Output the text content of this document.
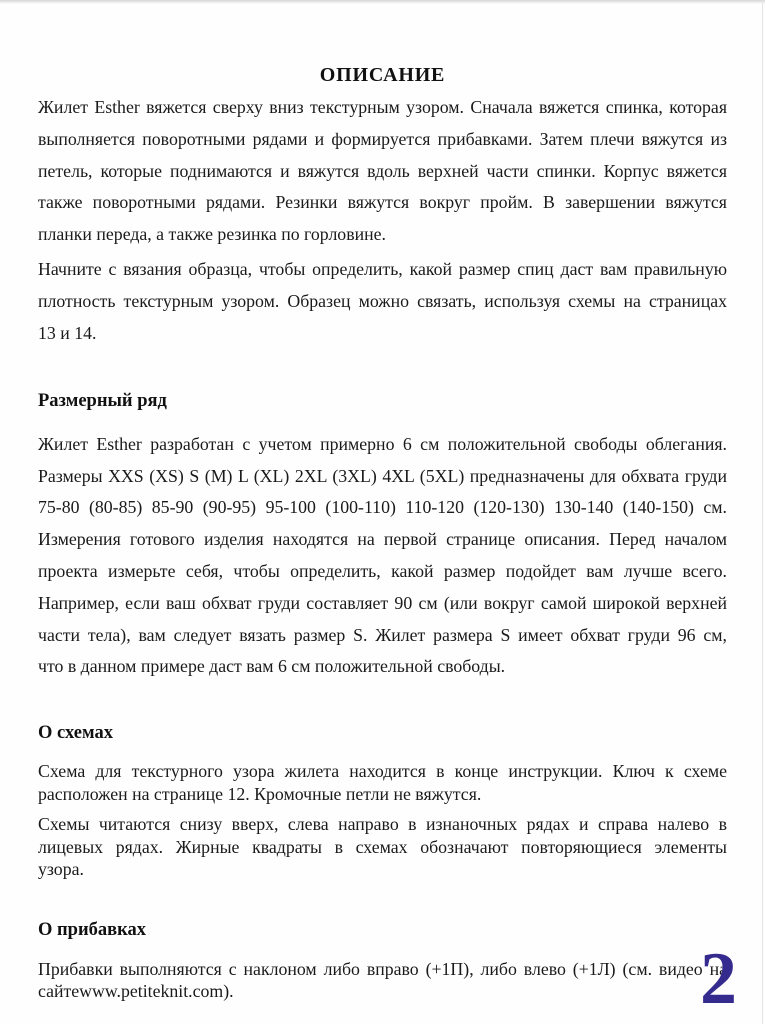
ОПИСАНИЕ
Жилет Esther вяжется сверху вниз текстурным узором. Сначала вяжется спинка, которая
выполняется поворотными рядами и формируется прибавками. Затем плечи вяжутся из
петель, которые поднимаются и вяжутся вдоль верхней части спинки. Корпус вяжется
также поворотными рядами. Резинки вяжутся вокруг пройм. В завершении вяжутся
планки переда, а также резинка по горловине.
Начните с вязания образца, чтобы определить, какой размер спиц даст вам правильную
плотность текстурным узором. Образец можно связать, используя схемы на страницах
13 и 14.
Размерный ряд
Жилет Esther разработан с учетом примерно 6 см положительной свободы облегания.
Размеры XXS (XS) S (M) L (XL) 2XL (3XL) 4XL (5XL) предназначены для обхвата груди
75-80 (80-85) 85-90 (90-95) 95-100 (100-110) 110-120 (120-130) 130-140 (140-150) см.
Измерения готового изделия находятся на первой странице описания. Перед началом
проекта измерьте себя, чтобы определить, какой размер подойдет вам лучше всего.
Например, если ваш обхват груди составляет 90 см (или вокруг самой широкой верхней
части тела), вам следует вязать размер S. Жилет размера S имеет обхват груди 96 см,
что в данном примере даст вам 6 см положительной свободы.
О схемах
Схема для текстурного узора жилета находится в конце инструкции. Ключ к схеме
расположен на странице 12. Кромочные петли не вяжутся.
Схемы читаются снизу вверх, слева направо в изнаночных рядах и справа налево в
лицевых рядах. Жирные квадраты в схемах обозначают повторяющиеся элементы
узора.
О прибавках
Прибавки выполняются с наклоном либо вправо (+1П), либо влево (+1Л) (см. видео на
сайтеwww.petiteknit.com).	2
